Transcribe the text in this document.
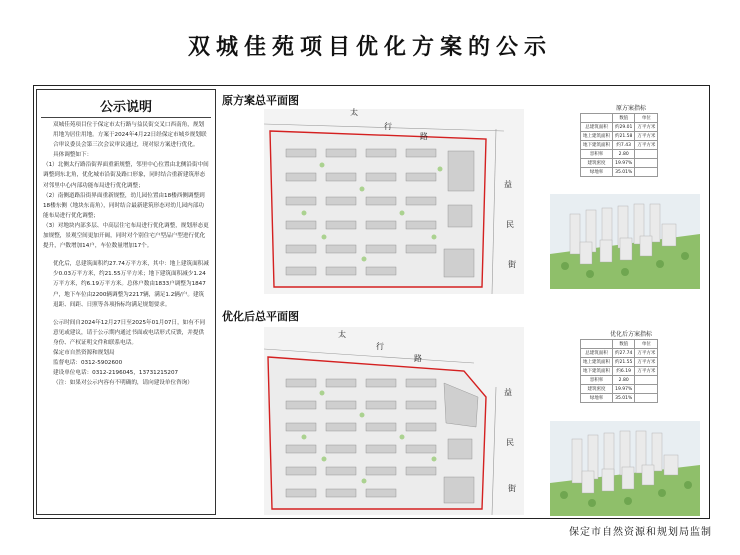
双城佳苑项目优化方案的公示
公示说明

双城佳苑项目位于保定市太行路与益民街交叉口西南角，规划用地为居住用地。方案于2024年4月22日经保定市城乡规划联合审议委员会第三次会议审议通过，现对原方案进行优化。

具体调整如下：

（1）北侧太行路沿街界面重新规整，邻里中心位置由北侧沿街中间调整到东北角，优化城市沿街及路口形象，同时结合重新建筑形态对邻里中心内部功能布局进行优化调整；

（2）南侧道路沿街界面重新规整，幼儿园位置由18楼西侧调整到18楼东侧（地块东南角），同时结合最新建筑形态对幼儿园内部功能布局进行优化调整；

（3）对地块内部多层、中高层住宅布局进行优化调整，规划形态更加规整，景观空间更加开阔，同时对个别住宅户型品户型进行优化提升，户数增加14户，车位数量增加17个。

优化后，总建筑面积约27.74万平方米，其中：地上建筑面积减少0.03万平方米，约21.55万平方米；地下建筑面积减少1.24万平方米，约6.19万平方米。总体户数由1833户调整为1847户，地下车位由2200辆调整为2217辆，满足1.2辆/户。建筑退距、间距、日照等各项指标均满足规划要求。

公示时间自2024年12月27日至2025年01月07日，如有不同意见或建议，请于公示期内通过书面或电话形式反馈，并提供身份、产权证明文件和联系电话。

保定市自然资源和规划局

监督电话：0312-5902600

建设单位电话：0312-2196045，13731215207

（注：如果对公示内容有不明确的，请向建设单位咨询）

原方案总平面图
太
行
路
益
民
街
原方案指标
	数值	单位
总建筑面积	约29.01	万平方米
地上建筑面积	约21.58	万平方米
地下建筑面积	约7.43	万平方米
容积率	2.80	
建筑密度	19.97%	
绿地率	35.01%	
优化后总平面图
太
行
路
益
民
街
优化后方案指标
	数值	单位
总建筑面积	约27.74	万平方米
地上建筑面积	约21.55	万平方米
地下建筑面积	约6.19	万平方米
容积率	2.80	
建筑密度	19.97%	
绿地率	35.01%	
保定市自然资源和规划局监制
